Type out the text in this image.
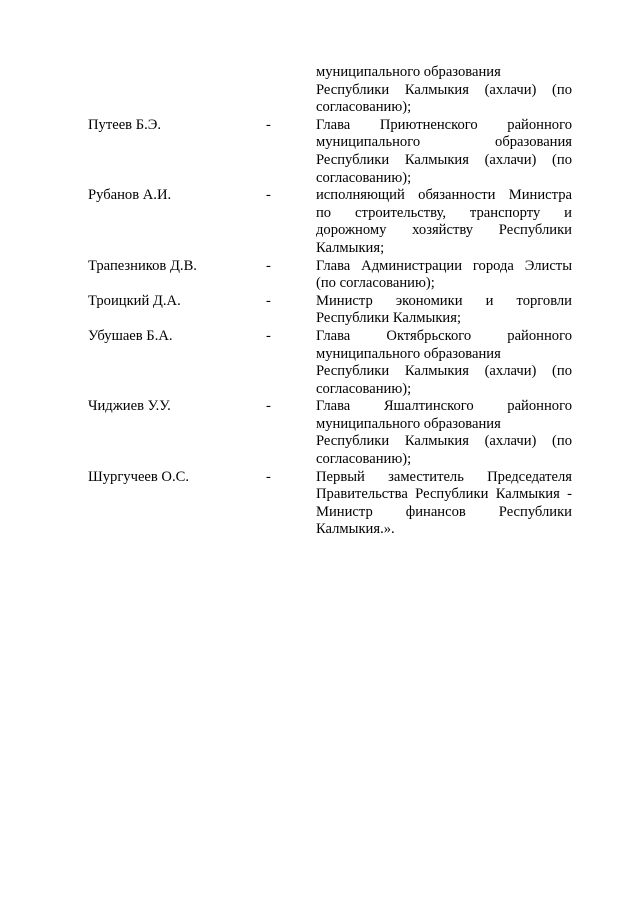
муниципального образования
Республики Калмыкия (ахлачи) (по
согласованию);
Путеев Б.Э.	-	Глава Приютненского районного
муниципального образования
Республики Калмыкия (ахлачи) (по
согласованию);
Рубанов А.И.	-	исполняющий обязанности Министра
по строительству, транспорту и
дорожному хозяйству Республики
Калмыкия;
Трапезников Д.В.	-	Глава Администрации города Элисты
(по согласованию);
Троицкий Д.А.	-	Министр экономики и торговли
Республики Калмыкия;
Убушаев Б.А.	-	Глава Октябрьского районного
муниципального образования
Республики Калмыкия (ахлачи) (по
согласованию);
Чиджиев У.У.	-	Глава Яшалтинского районного
муниципального образования
Республики Калмыкия (ахлачи) (по
согласованию);
Шургучеев О.С.	-	Первый заместитель Председателя
Правительства Республики Калмыкия -
Министр финансов Республики
Калмыкия.».
